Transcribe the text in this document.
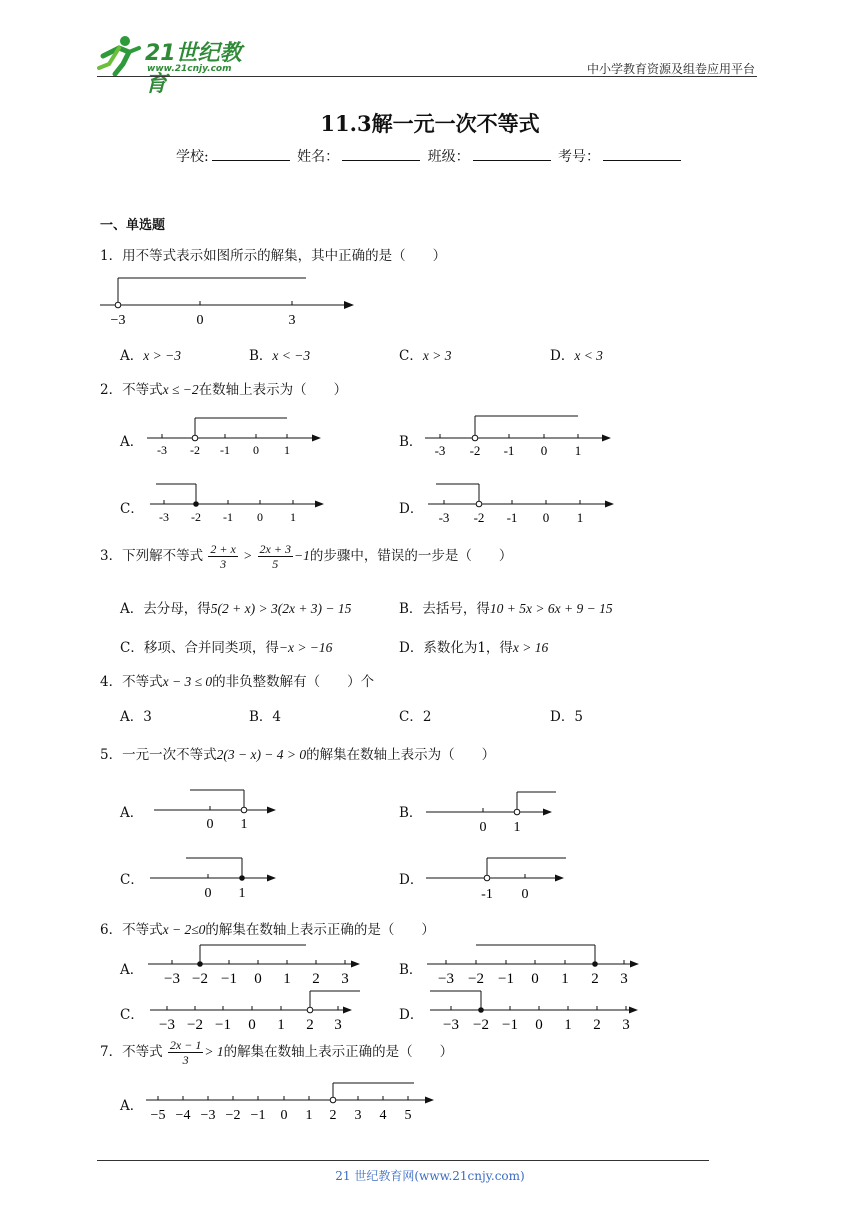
21世纪教育
www.21cnjy.com	中小学教育资源及组卷应用平台
11.3解一元一次不等式
学校:	姓名：	班级：	考号：
一、单选题
1．用不等式表示如图所示的解集，其中正确的是（　　）
−3	0	3
A．x > −3	B．x < −3	C．x > 3	D．x < 3
2．不等式x ≤ −2在数轴上表示为（　　）
A． -3 -2 -1 0 1	B．
-3 -2 -1 0 1
C． -3 -2 -1 0 1	D．
-3 -2 -1 0 1
3．下列解不等式 $\frac{2 + x}{3} > \frac{2x + 3}{5} -1$的步骤中，错误的一步是（　　）
A．去分母，得5(2 + x) > 3(2x + 3) − 15	B．去括号，得10 + 5x > 6x + 9 − 15
C．移项、合并同类项，得−x > −16	D．系数化为1，得x > 16
4．不等式x − 3 ≤ 0的非负整数解有（　　）个
A．3	B．4	C．2	D．5
5．一元一次不等式2(3 − x) − 4 > 0的解集在数轴上表示为（　　）
A．
0 1
B．
0 1
C．
0 1
D．
-1 0
6．不等式x − 2≤0的解集在数轴上表示正确的是（　　）
A．
−3 −2 −1 0 1 2 3
B．
−3 −2 −1 0 1 2 3
C．
−3 −2 −1 0 1 2 3
D．
−3 −2 −1 0 1 2 3
7．不等式 $\frac{2x - 1}{3} > 1$的解集在数轴上表示正确的是（　　）
A．
−5 −4 −3 −2 −1 0 1 2 3 4 5
21 世纪教育网(www.21cnjy.com)
